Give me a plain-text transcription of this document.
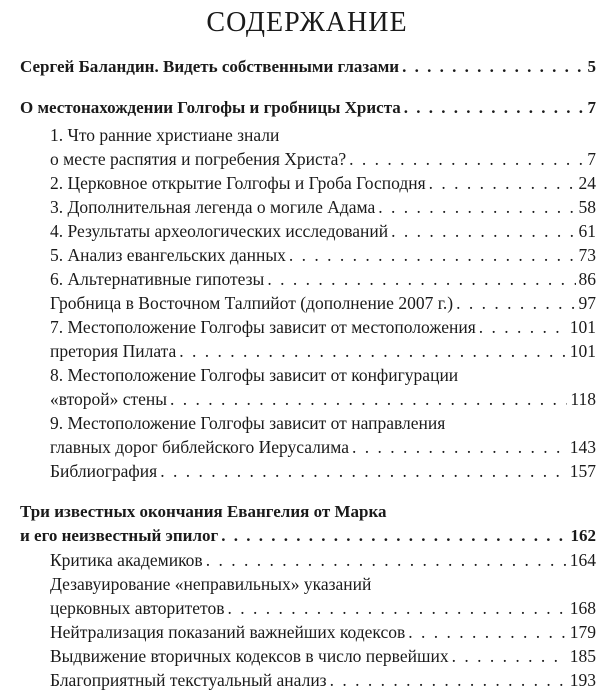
СОДЕРЖАНИЕ
Сергей Баландин. Видеть собственными глазами . . .	5
О местонахождении Голгофы и гробницы Христа . . .	7
1. Что ранние христиане знали
о месте распятия и погребения Христа? . . .	7
2. Церковное открытие Голгофы и Гроба Господня . . .	24
3. Дополнительная легенда о могиле Адама . . .	58
4. Результаты археологических исследований . . .	61
5. Анализ евангельских данных . . .	73
6. Альтернативные гипотезы . . .	86
Гробница в Восточном Талпийот (дополнение 2007 г.) . . .	97
7. Местоположение Голгофы зависит от местоположения . . .	101
претория Пилата . . .	101
8. Местоположение Голгофы зависит от конфигурации
«второй» стены . . .	118
9. Местоположение Голгофы зависит от направления
главных дорог библейского Иерусалима . . .	143
Библиография . . .	157
Три известных окончания Евангелия от Марка
и его неизвестный эпилог . . .	162
Критика академиков . . .	164
Дезавуирование «неправильных» указаний
церковных авторитетов . . .	168
Нейтрализация показаний важнейших кодексов . . .	179
Выдвижение вторичных кодексов в число первейших . . .	185
Благоприятный текстуальный анализ . . .	193
